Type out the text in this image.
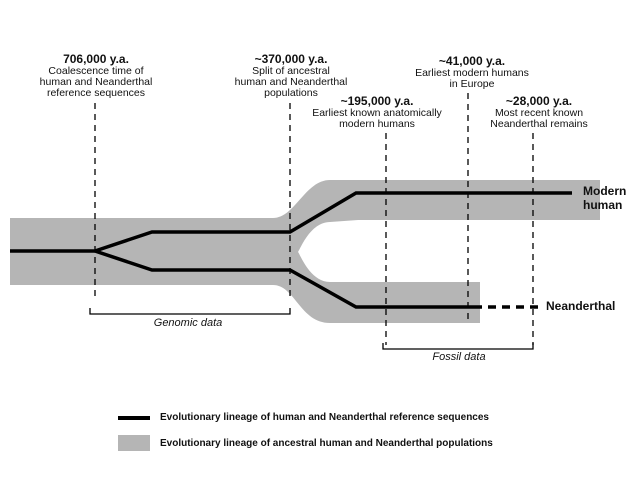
706,000 y.a.
Coalescence time of
human and Neanderthal
reference sequences
~370,000 y.a.
Split of ancestral
human and Neanderthal
populations
~41,000 y.a.
Earliest modern humans
in Europe
~195,000 y.a.
Earliest known anatomically
modern humans
~28,000 y.a.
Most recent known
Neanderthal remains
Modern
human
Neanderthal
Genomic data
Fossil data
Evolutionary lineage of human and Neanderthal reference sequences
Evolutionary lineage of ancestral human and Neanderthal populations
